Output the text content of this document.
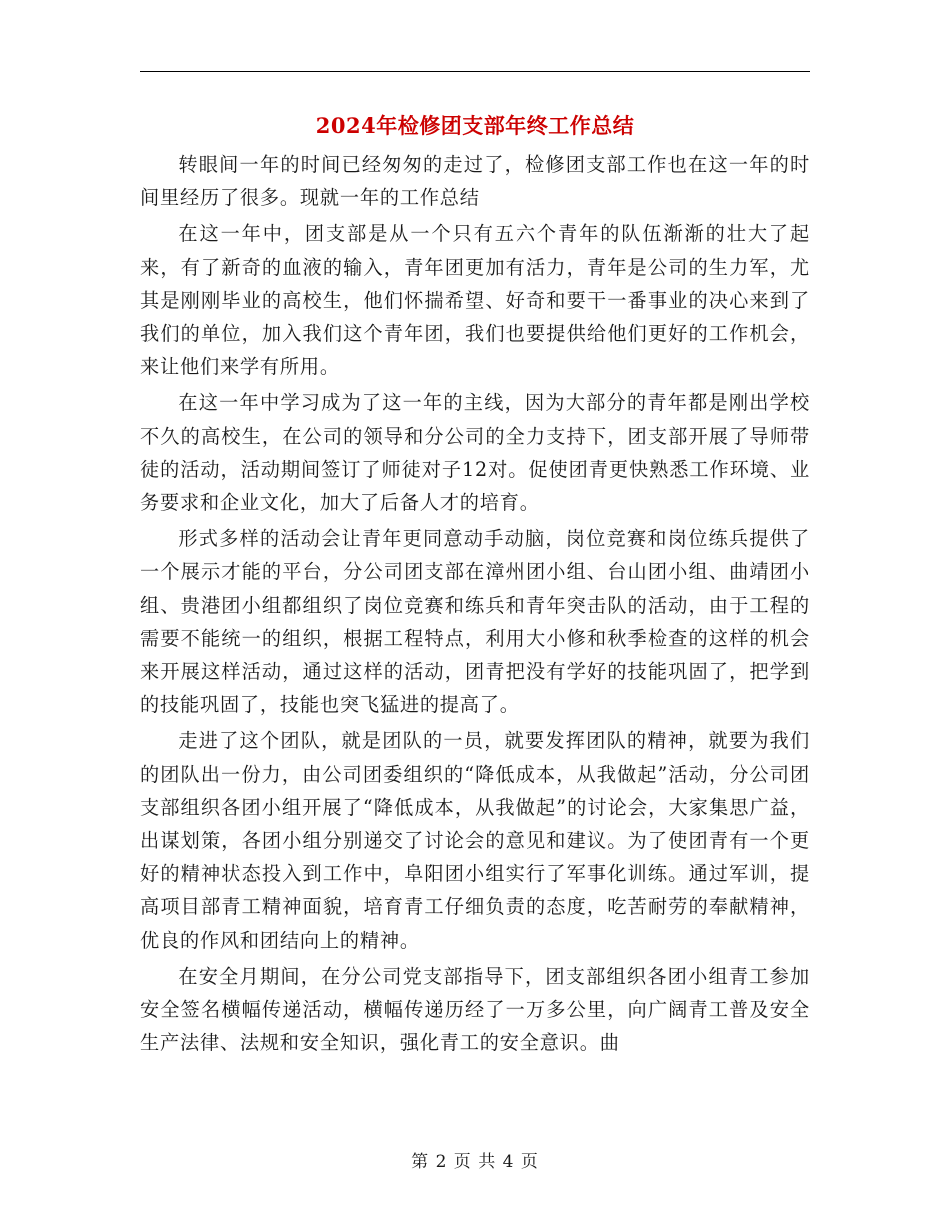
2024年检修团支部年终工作总结

转眼间一年的时间已经匆匆的走过了，检修团支部工作也在这一年的时间里经历了很多。现就一年的工作总结

在这一年中，团支部是从一个只有五六个青年的队伍渐渐的壮大了起来，有了新奇的血液的输入，青年团更加有活力，青年是公司的生力军，尤其是刚刚毕业的高校生，他们怀揣希望、好奇和要干一番事业的决心来到了我们的单位，加入我们这个青年团，我们也要提供给他们更好的工作机会，来让他们来学有所用。

在这一年中学习成为了这一年的主线，因为大部分的青年都是刚出学校不久的高校生，在公司的领导和分公司的全力支持下，团支部开展了导师带徒的活动，活动期间签订了师徒对子12对。促使团青更快熟悉工作环境、业务要求和企业文化，加大了后备人才的培育。

形式多样的活动会让青年更同意动手动脑，岗位竞赛和岗位练兵提供了一个展示才能的平台，分公司团支部在漳州团小组、台山团小组、曲靖团小组、贵港团小组都组织了岗位竞赛和练兵和青年突击队的活动，由于工程的需要不能统一的组织，根据工程特点，利用大小修和秋季检查的这样的机会来开展这样活动，通过这样的活动，团青把没有学好的技能巩固了，把学到的技能巩固了，技能也突飞猛进的提高了。

走进了这个团队，就是团队的一员，就要发挥团队的精神，就要为我们的团队出一份力，由公司团委组织的“降低成本，从我做起”活动，分公司团支部组织各团小组开展了“降低成本，从我做起”的讨论会，大家集思广益，出谋划策，各团小组分别递交了讨论会的意见和建议。为了使团青有一个更好的精神状态投入到工作中，阜阳团小组实行了军事化训练。通过军训，提高项目部青工精神面貌，培育青工仔细负责的态度，吃苦耐劳的奉献精神，优良的作风和团结向上的精神。

在安全月期间，在分公司党支部指导下，团支部组织各团小组青工参加安全签名横幅传递活动，横幅传递历经了一万多公里，向广阔青工普及安全生产法律、法规和安全知识，强化青工的安全意识。曲

第 2 页 共 4 页
